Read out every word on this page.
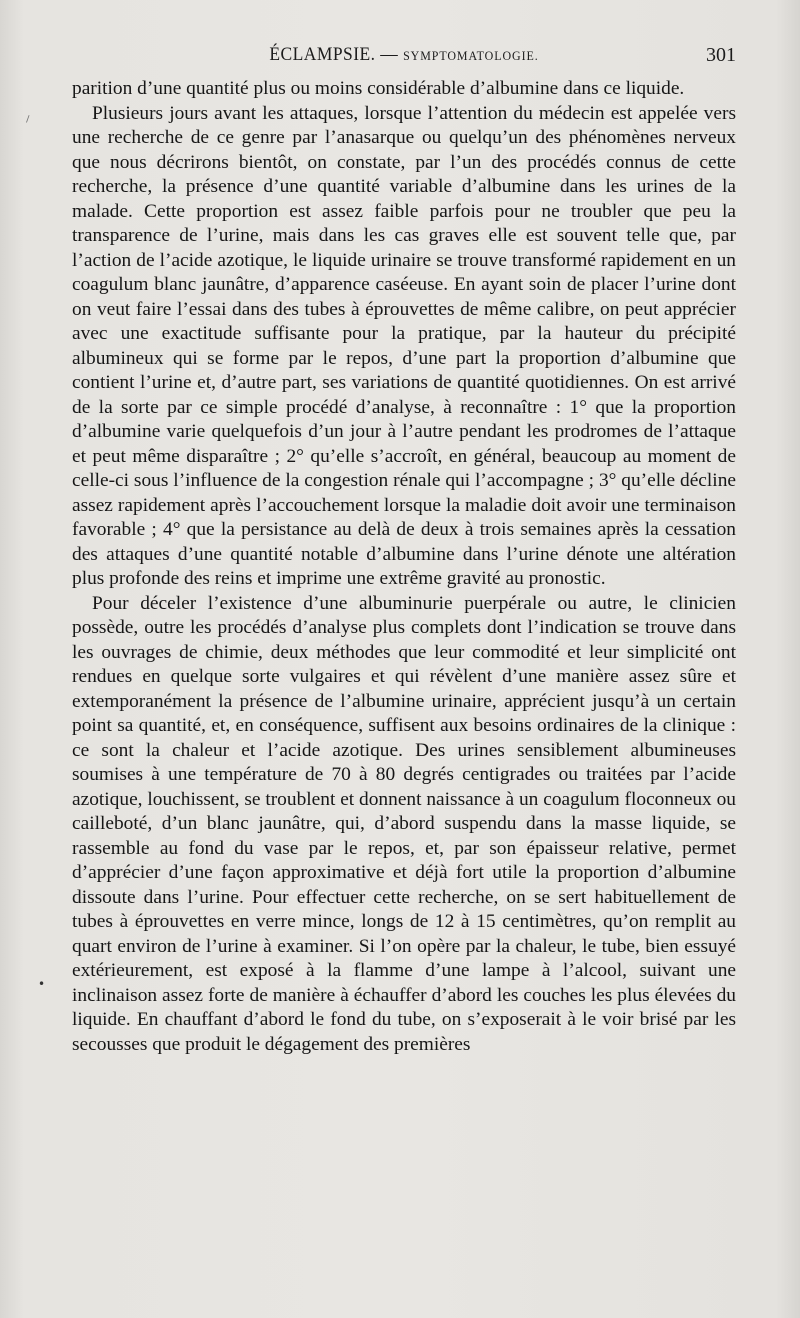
⸝
•
ÉCLAMPSIE. — SYMPTOMATOLOGIE.	301

parition d’une quantité plus ou moins considérable d’albumine dans ce liquide.

Plusieurs jours avant les attaques, lorsque l’attention du médecin est appelée vers une recherche de ce genre par l’anasarque ou quelqu’un des phénomènes nerveux que nous décrirons bientôt, on constate, par l’un des procédés connus de cette recherche, la présence d’une quantité variable d’albumine dans les urines de la malade. Cette proportion est assez faible parfois pour ne troubler que peu la transparence de l’urine, mais dans les cas graves elle est souvent telle que, par l’action de l’acide azotique, le liquide urinaire se trouve transformé rapidement en un coagulum blanc jaunâtre, d’apparence caséeuse. En ayant soin de placer l’urine dont on veut faire l’essai dans des tubes à éprouvettes de même calibre, on peut apprécier avec une exactitude suffisante pour la pratique, par la hauteur du précipité albumineux qui se forme par le repos, d’une part la proportion d’albumine que contient l’urine et, d’autre part, ses variations de quantité quotidiennes. On est arrivé de la sorte par ce simple procédé d’analyse, à reconnaître : 1° que la proportion d’albumine varie quelquefois d’un jour à l’autre pendant les prodromes de l’attaque et peut même disparaître ; 2° qu’elle s’accroît, en général, beaucoup au moment de celle-ci sous l’influence de la congestion rénale qui l’accompagne ; 3° qu’elle décline assez rapidement après l’accouchement lorsque la maladie doit avoir une terminaison favorable ; 4° que la persistance au delà de deux à trois semaines après la cessation des attaques d’une quantité notable d’albumine dans l’urine dénote une altération plus profonde des reins et imprime une extrême gravité au pronostic.

Pour déceler l’existence d’une albuminurie puerpérale ou autre, le clinicien possède, outre les procédés d’analyse plus complets dont l’indication se trouve dans les ouvrages de chimie, deux méthodes que leur commodité et leur simplicité ont rendues en quelque sorte vulgaires et qui révèlent d’une manière assez sûre et extemporanément la présence de l’albumine urinaire, apprécient jusqu’à un certain point sa quantité, et, en conséquence, suffisent aux besoins ordinaires de la clinique : ce sont la chaleur et l’acide azotique. Des urines sensiblement albumineuses soumises à une température de 70 à 80 degrés centigrades ou traitées par l’acide azotique, louchissent, se troublent et donnent naissance à un coagulum floconneux ou caillebоté, d’un blanc jaunâtre, qui, d’abord suspendu dans la masse liquide, se rassemble au fond du vase par le repos, et, par son épaisseur relative, permet d’apprécier d’une façon approximative et déjà fort utile la proportion d’albumine dissoute dans l’urine. Pour effectuer cette recherche, on se sert habituellement de tubes à éprouvettes en verre mince, longs de 12 à 15 centimètres, qu’on remplit au quart environ de l’urine à examiner. Si l’on opère par la chaleur, le tube, bien essuyé extérieurement, est exposé à la flamme d’une lampe à l’alcool, suivant une inclinaison assez forte de manière à échauffer d’abord les couches les plus élevées du liquide. En chauffant d’abord le fond du tube, on s’exposerait à le voir brisé par les secousses que produit le dégagement des premières
